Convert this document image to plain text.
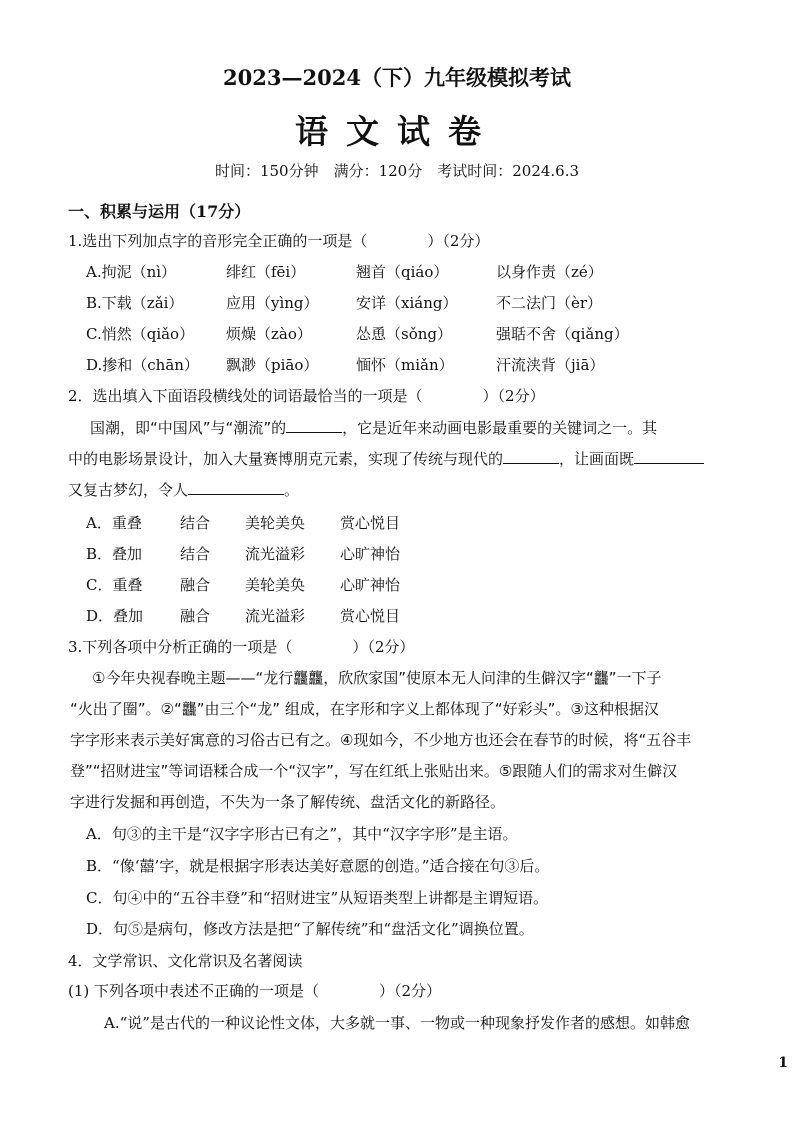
2023—2024（下）九年级模拟考试
语文试卷
时间：150分钟　满分：120分　考试时间：2024.6.3
一、积累与运用（17分）
1.选出下列加点字的音形完全正确的一项是（　　　　）（2分）
A.拘泥（nì）	绯红（fēi）	翘首（qiáo）	以身作责（zé）
B.下载（zǎi）	应用（yìng） 安详（xiáng）	不二法门（èr）
C.悄然（qiǎo） 烦燥（zào）	怂恿（sǒng）	强聒不舍（qiǎng）
D.掺和（chān） 飘渺（piāo）	愐怀（miǎn）	汗流浃背（jiā）
2．选出填入下面语段横线处的词语最恰当的一项是（　　　　）（2分）
国潮，即“中国风”与“潮流”的	，它是近年来动画电影最重要的关键词之一。其
中的电影场景设计，加入大量赛博朋克元素，实现了传统与现代的	，让画面既
又复古梦幻，令人	。
A．重叠	结合 美轮美奂 赏心悦目
B．叠加	结合 流光溢彩 心旷神怡
C．重叠	融合 美轮美奂 心旷神怡
D．叠加 融合 流光溢彩 赏心悦目
3.下列各项中分析正确的一项是（　　　　）（2分）
①今年央视春晚主题——“龙行龘龘，欣欣家国”使原本无人问津的生僻汉字“龘”一下子
“火出了圈”。②“龘”由三个“龙” 组成，在字形和字义上都体现了“好彩头”。③这种根据汉
字字形来表示美好寓意的习俗古已有之。④现如今，不少地方也还会在春节的时候，将“五谷丰
登”“招财进宝”等词语糅合成一个“汉字”，写在红纸上张贴出来。⑤跟随人们的需求对生僻汉
字进行发掘和再创造，不失为一条了解传统、盘活文化的新路径。
A．句③的主干是“汉字字形古已有之”，其中“汉字字形”是主语。
B．“像‘囍’字，就是根据字形表达美好意愿的创造。”适合接在句③后。
C．句④中的“五谷丰登”和“招财进宝”从短语类型上讲都是主谓短语。
D．句⑤是病句，修改方法是把“了解传统”和“盘活文化”调换位置。
4．文学常识、文化常识及名著阅读
(1) 下列各项中表述不正确的一项是（　　　　）（2分）
A.“说”是古代的一种议论性文体，大多就一事、一物或一种现象抒发作者的感想。如韩愈
1
